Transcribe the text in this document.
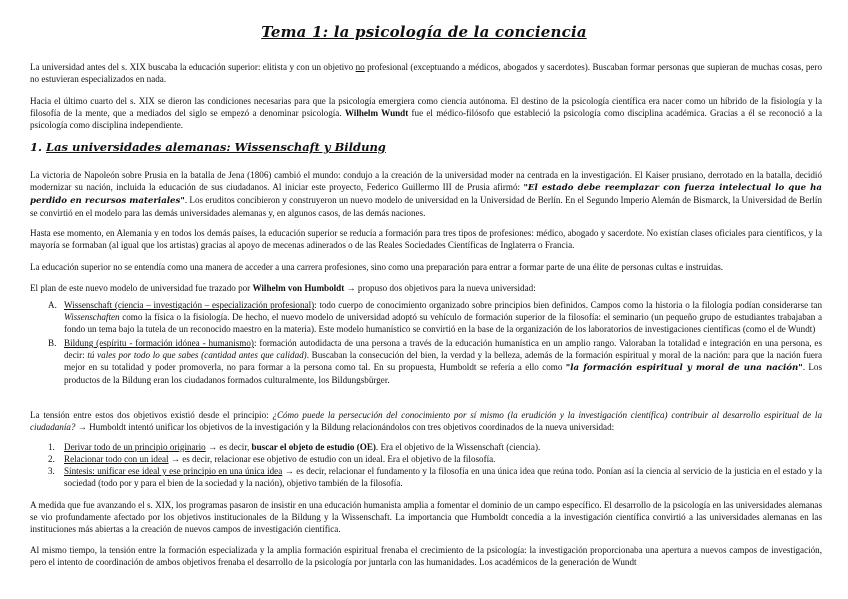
Tema 1: la psicología de la conciencia
La universidad antes del s. XIX buscaba la educación superior: elitista y con un objetivo no profesional (exceptuando a médicos, abogados y sacerdotes). Buscaban formar personas que supieran de muchas cosas, pero no estuvieran especializados en nada.
Hacia el último cuarto del s. XIX se dieron las condiciones necesarias para que la psicología emergiera como ciencia autónoma. El destino de la psicología científica era nacer como un híbrido de la fisiología y la filosofía de la mente, que a mediados del siglo se empezó a denominar psicología. Wilhelm Wundt fue el médico-filósofo que estableció la psicología como disciplina académica. Gracias a él se reconoció a la psicología como disciplina independiente.
1. Las universidades alemanas: Wissenschaft y Bildung
La victoria de Napoleón sobre Prusia en la batalla de Jena (1806) cambió el mundo: condujo a la creación de la universidad moder na centrada en la investigación. El Kaiser prusiano, derrotado en la batalla, decidió modernizar su nación, incluida la educación de sus ciudadanos. Al iniciar este proyecto, Federico Guillermo III de Prusia afirmó: "El estado debe reemplazar con fuerza intelectual lo que ha perdido en recursos materiales". Los eruditos concibieron y construyeron un nuevo modelo de universidad en la Universidad de Berlín. En el Segundo Imperio Alemán de Bismarck, la Universidad de Berlín se convirtió en el modelo para las demás universidades alemanas y, en algunos casos, de las demás naciones.
Hasta ese momento, en Alemania y en todos los demás países, la educación superior se reducía a formación para tres tipos de profesiones: médico, abogado y sacerdote. No existían clases oficiales para científicos, y la mayoría se formaban (al igual que los artistas) gracias al apoyo de mecenas adinerados o de las Reales Sociedades Científicas de Inglaterra o Francia.
La educación superior no se entendía como una manera de acceder a una carrera profesiones, sino como una preparación para entrar a formar parte de una élite de personas cultas e instruidas.
El plan de este nuevo modelo de universidad fue trazado por Wilhelm von Humboldt → propuso dos objetivos para la nueva universidad:
A. Wissenschaft (ciencia – investigación – especialización profesional): todo cuerpo de conocimiento organizado sobre principios bien definidos. Campos como la historia o la filología podían considerarse tan Wissenschaften como la física o la fisiología. De hecho, el nuevo modelo de universidad adoptó su vehículo de formación superior de la filosofía: el seminario (un pequeño grupo de estudiantes trabajaban a fondo un tema bajo la tutela de un reconocido maestro en la materia). Este modelo humanístico se convirtió en la base de la organización de los laboratorios de investigaciones científicas (como el de Wundt)
B. Bildung (espíritu - formación idónea - humanismo): formación autodidacta de una persona a través de la educación humanística en un amplio rango. Valoraban la totalidad e integración en una persona, es decir: tú vales por todo lo que sabes (cantidad antes que calidad). Buscaban la consecución del bien, la verdad y la belleza, además de la formación espiritual y moral de la nación: para que la nación fuera mejor en su totalidad y poder promoverla, no para formar a la persona como tal. En su propuesta, Humboldt se refería a ello como "la formación espiritual y moral de una nación". Los productos de la Bildung eran los ciudadanos formados culturalmente, los Bildungsbürger.
La tensión entre estos dos objetivos existió desde el principio: ¿Cómo puede la persecución del conocimiento por sí mismo (la erudición y la investigación científica) contribuir al desarrollo espiritual de la ciudadanía? → Humboldt intentó unificar los objetivos de la investigación y la Bildung relacionándolos con tres objetivos coordinados de la nueva universidad:
1. Derivar todo de un principio originario → es decir, buscar el objeto de estudio (OE). Era el objetivo de la Wissenschaft (ciencia).
2. Relacionar todo con un ideal → es decir, relacionar ese objetivo de estudio con un ideal. Era el objetivo de la filosofía.
3. Síntesis: unificar ese ideal y ese principio en una única idea → es decir, relacionar el fundamento y la filosofía en una única idea que reúna todo. Ponían así la ciencia al servicio de la justicia en el estado y la sociedad (todo por y para el bien de la sociedad y la nación), objetivo también de la filosofía.
A medida que fue avanzando el s. XIX, los programas pasaron de insistir en una educación humanista amplia a fomentar el dominio de un campo específico. El desarrollo de la psicología en las universidades alemanas se vio profundamente afectado por los objetivos institucionales de la Bildung y la Wissenschaft. La importancia que Humboldt concedía a la investigación científica convirtió a las universidades alemanas en las instituciones más abiertas a la creación de nuevos campos de investigación científica.
Al mismo tiempo, la tensión entre la formación especializada y la amplia formación espiritual frenaba el crecimiento de la psicología: la investigación proporcionaba una apertura a nuevos campos de investigación, pero el intento de coordinación de ambos objetivos frenaba el desarrollo de la psicología por juntarla con las humanidades. Los académicos de la generación de Wundt
